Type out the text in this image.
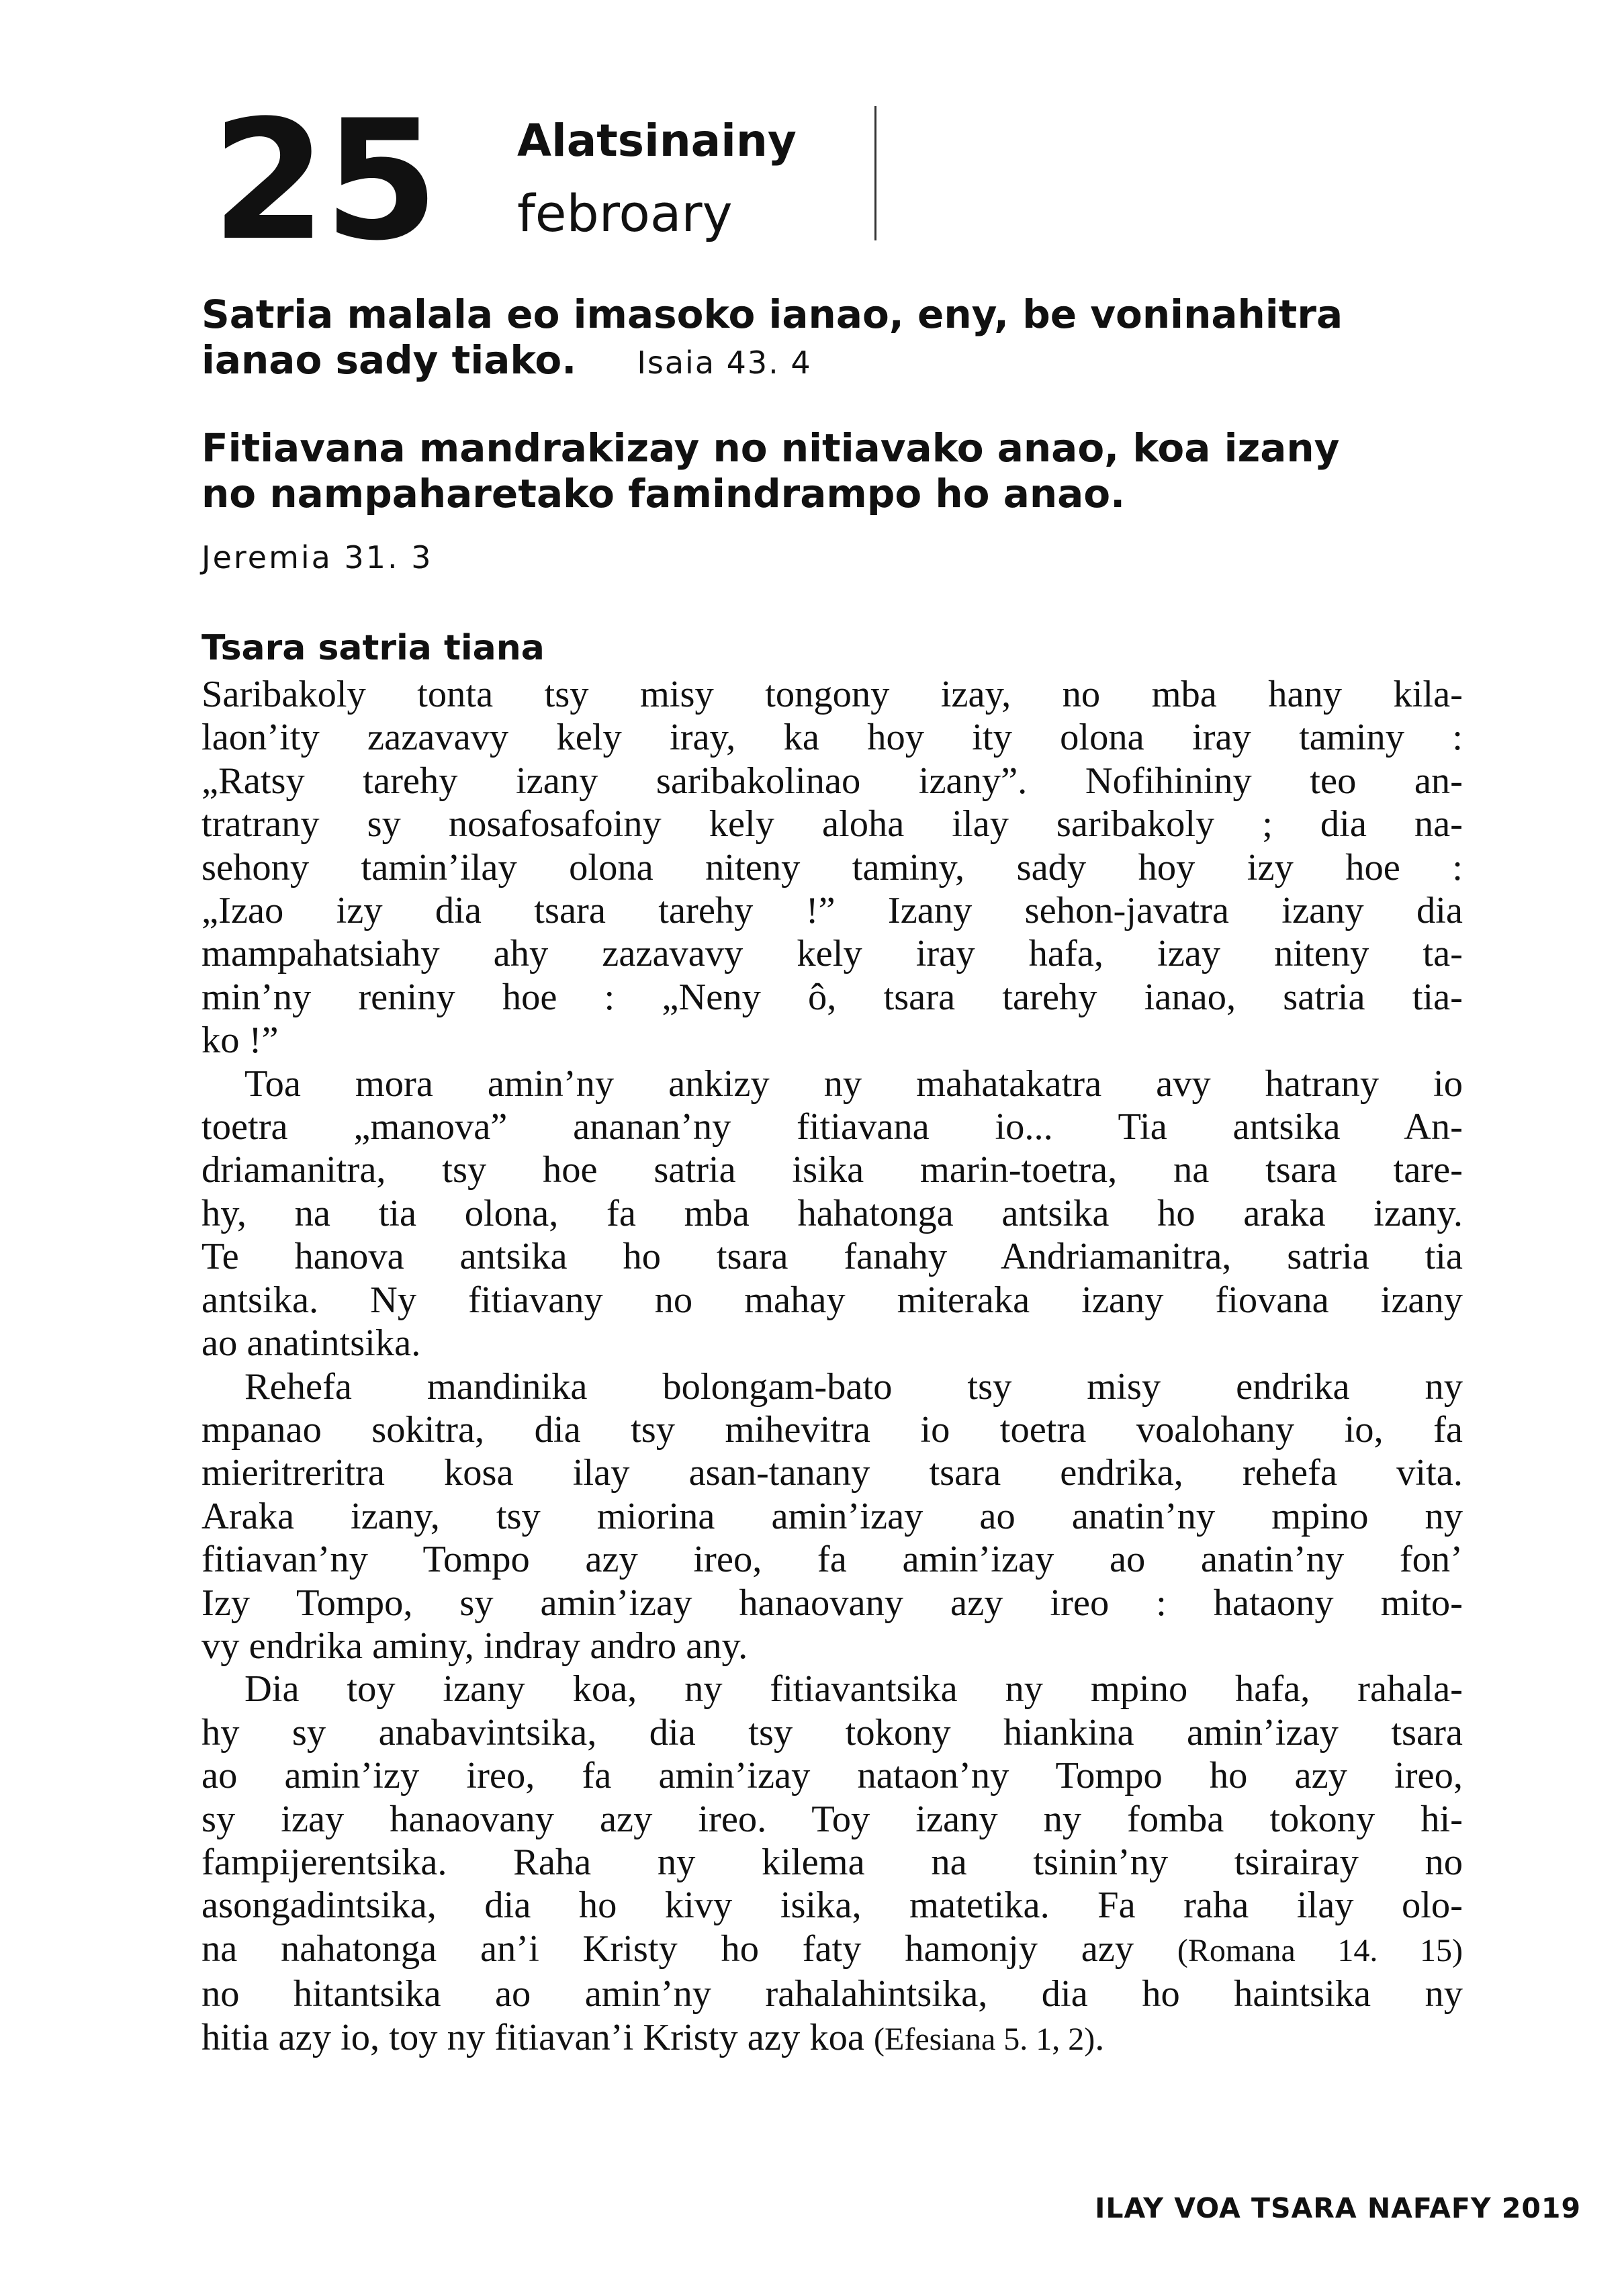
25 Alatsinainy
febroary
Satria malala eo imasoko ianao, eny, be voninahitra
ianao sady tiako. Isaia 43. 4
Fitiavana mandrakizay no nitiavako anao, koa izany
no nampaharetako famindrampo ho anao.
Jeremia 31. 3
Tsara satria tiana
Saribakoly tonta tsy misy tongony izay, no mba hany kila-
laon’ity zazavavy kely iray, ka hoy ity olona iray taminy :
„Ratsy tarehy izany saribakolinao izany”. Nofihininy teo an-
tratrany sy nosafosafoiny kely aloha ilay saribakoly ; dia na-
sehony tamin’ilay olona niteny taminy, sady hoy izy hoe :
„Izao izy dia tsara tarehy !” Izany sehon-javatra izany dia
mampahatsiahy ahy zazavavy kely iray hafa, izay niteny ta-
min’ny reniny hoe : „Neny ô, tsara tarehy ianao, satria tia-
ko !”
Toa mora amin’ny ankizy ny mahatakatra avy hatrany io
toetra „manova” ananan’ny fitiavana io... Tia antsika An-
driamanitra, tsy hoe satria isika marin-toetra, na tsara tare-
hy, na tia olona, fa mba hahatonga antsika ho araka izany.
Te hanova antsika ho tsara fanahy Andriamanitra, satria tia
antsika. Ny fitiavany no mahay miteraka izany fiovana izany
ao anatintsika.
Rehefa mandinika bolongam-bato tsy misy endrika ny
mpanao sokitra, dia tsy mihevitra io toetra voalohany io, fa
mieritreritra kosa ilay asan-tanany tsara endrika, rehefa vita.
Araka izany, tsy miorina amin’izay ao anatin’ny mpino ny
fitiavan’ny Tompo azy ireo, fa amin’izay ao anatin’ny fon’
Izy Tompo, sy amin’izay hanaovany azy ireo : hataony mito-
vy endrika aminy, indray andro any.
Dia toy izany koa, ny fitiavantsika ny mpino hafa, rahala-
hy sy anabavintsika, dia tsy tokony hiankina amin’izay tsara
ao amin’izy ireo, fa amin’izay nataon’ny Tompo ho azy ireo,
sy izay hanaovany azy ireo. Toy izany ny fomba tokony hi-
fampijerentsika. Raha ny kilema na tsinin’ny tsirairay no
asongadintsika, dia ho kivy isika, matetika. Fa raha ilay olo-
na nahatonga an’i Kristy ho faty hamonjy azy (Romana 14. 15)
no hitantsika ao amin’ny rahalahintsika, dia ho haintsika ny
hitia azy io, toy ny fitiavan’i Kristy azy koa (Efesiana 5. 1, 2).
ILAY VOA TSARA NAFAFY 2019
